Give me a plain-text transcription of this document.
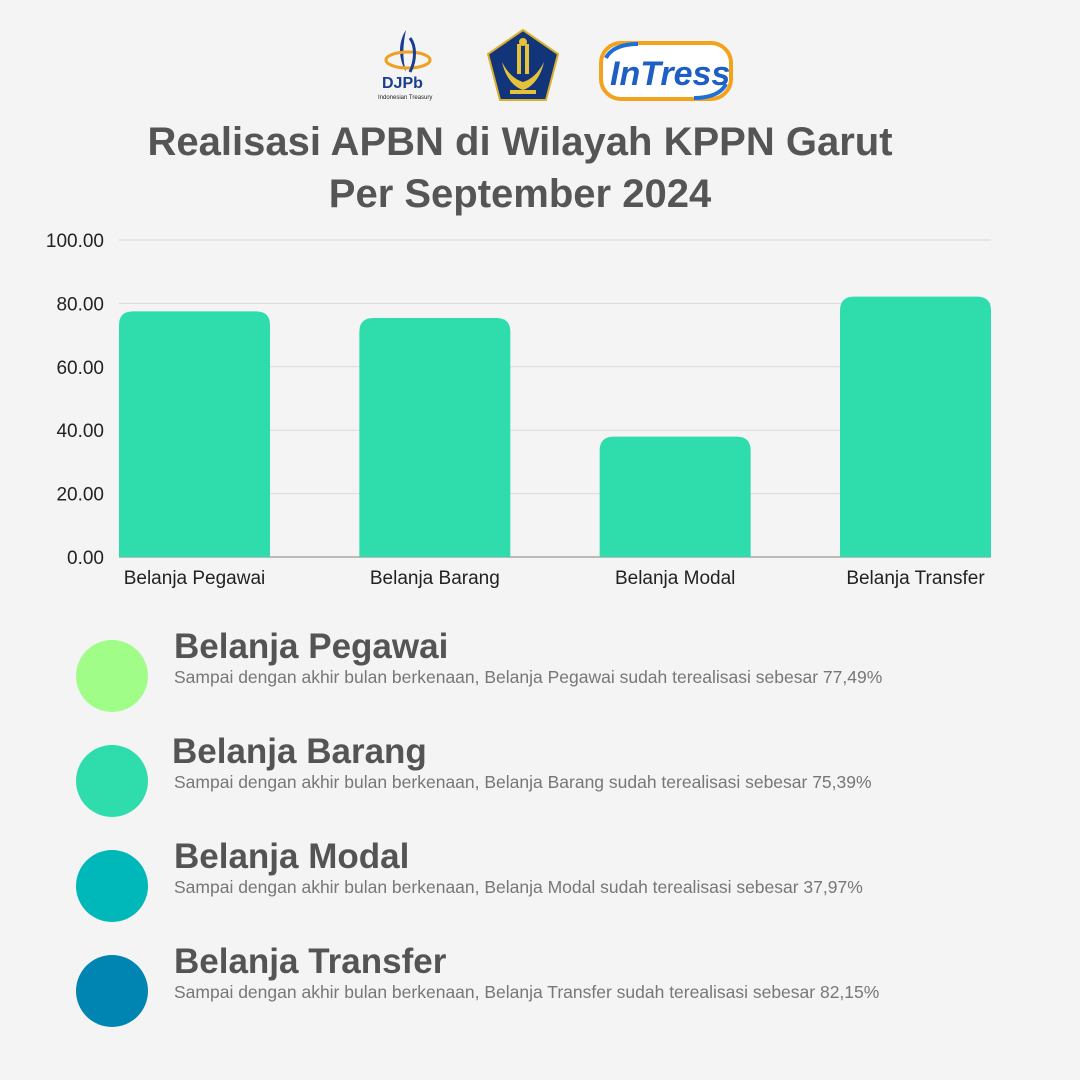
DJPb
Indonesian Treasury
InTress
Realisasi APBN di Wilayah KPPN Garut
Per September 2024
0.00
20.00
40.00
60.00
80.00
100.00
Belanja Pegawai	Belanja Barang	Belanja Modal	Belanja Transfer
Belanja Pegawai
Sampai dengan akhir bulan berkenaan, Belanja Pegawai sudah terealisasi sebesar 77,49%
Belanja Barang
Sampai dengan akhir bulan berkenaan, Belanja Barang sudah terealisasi sebesar 75,39%
Belanja Modal
Sampai dengan akhir bulan berkenaan, Belanja Modal sudah terealisasi sebesar 37,97%
Belanja Transfer
Sampai dengan akhir bulan berkenaan, Belanja Transfer sudah terealisasi sebesar 82,15%
